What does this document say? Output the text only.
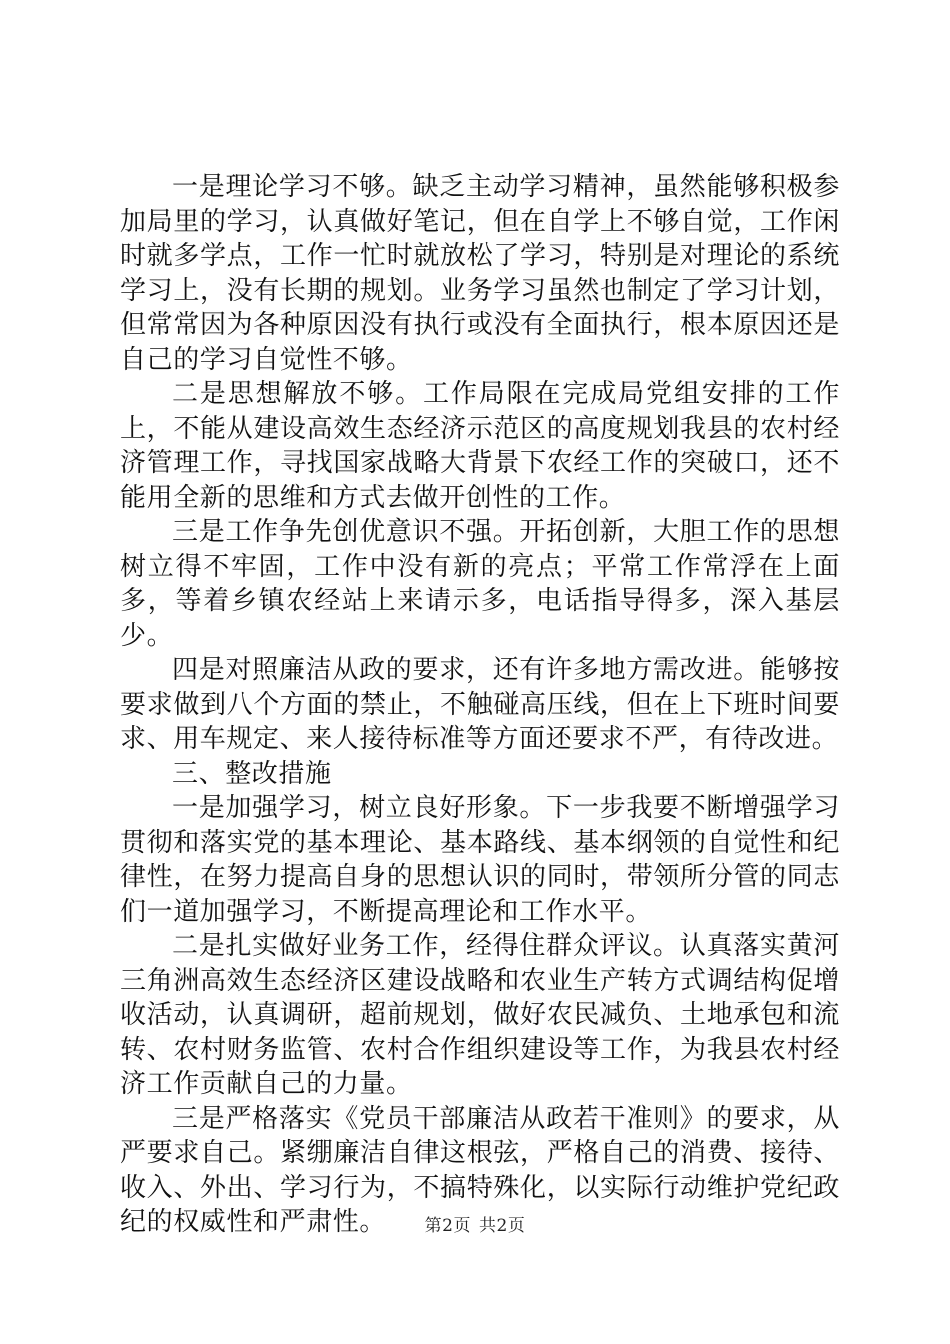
一是理论学习不够。缺乏主动学习精神，虽然能够积极参加局里的学习，认真做好笔记，但在自学上不够自觉，工作闲时就多学点，工作一忙时就放松了学习，特别是对理论的系统学习上，没有长期的规划。业务学习虽然也制定了学习计划，但常常因为各种原因没有执行或没有全面执行，根本原因还是自己的学习自觉性不够。

二是思想解放不够。工作局限在完成局党组安排的工作上，不能从建设高效生态经济示范区的高度规划我县的农村经济管理工作，寻找国家战略大背景下农经工作的突破口，还不能用全新的思维和方式去做开创性的工作。

三是工作争先创优意识不强。开拓创新，大胆工作的思想树立得不牢固，工作中没有新的亮点；平常工作常浮在上面多，等着乡镇农经站上来请示多，电话指导得多，深入基层少。

四是对照廉洁从政的要求，还有许多地方需改进。能够按要求做到八个方面的禁止，不触碰高压线，但在上下班时间要求、用车规定、来人接待标准等方面还要求不严，有待改进。

三、整改措施

一是加强学习，树立良好形象。下一步我要不断增强学习贯彻和落实党的基本理论、基本路线、基本纲领的自觉性和纪律性，在努力提高自身的思想认识的同时，带领所分管的同志们一道加强学习，不断提高理论和工作水平。

二是扎实做好业务工作，经得住群众评议。认真落实黄河三角洲高效生态经济区建设战略和农业生产转方式调结构促增收活动，认真调研，超前规划，做好农民减负、土地承包和流转、农村财务监管、农村合作组织建设等工作，为我县农村经济工作贡献自己的力量。

三是严格落实《党员干部廉洁从政若干准则》的要求，从严要求自己。紧绷廉洁自律这根弦，严格自己的消费、接待、收入、外出、学习行为，不搞特殊化，以实际行动维护党纪政纪的权威性和严肃性。	第2页 共2页
